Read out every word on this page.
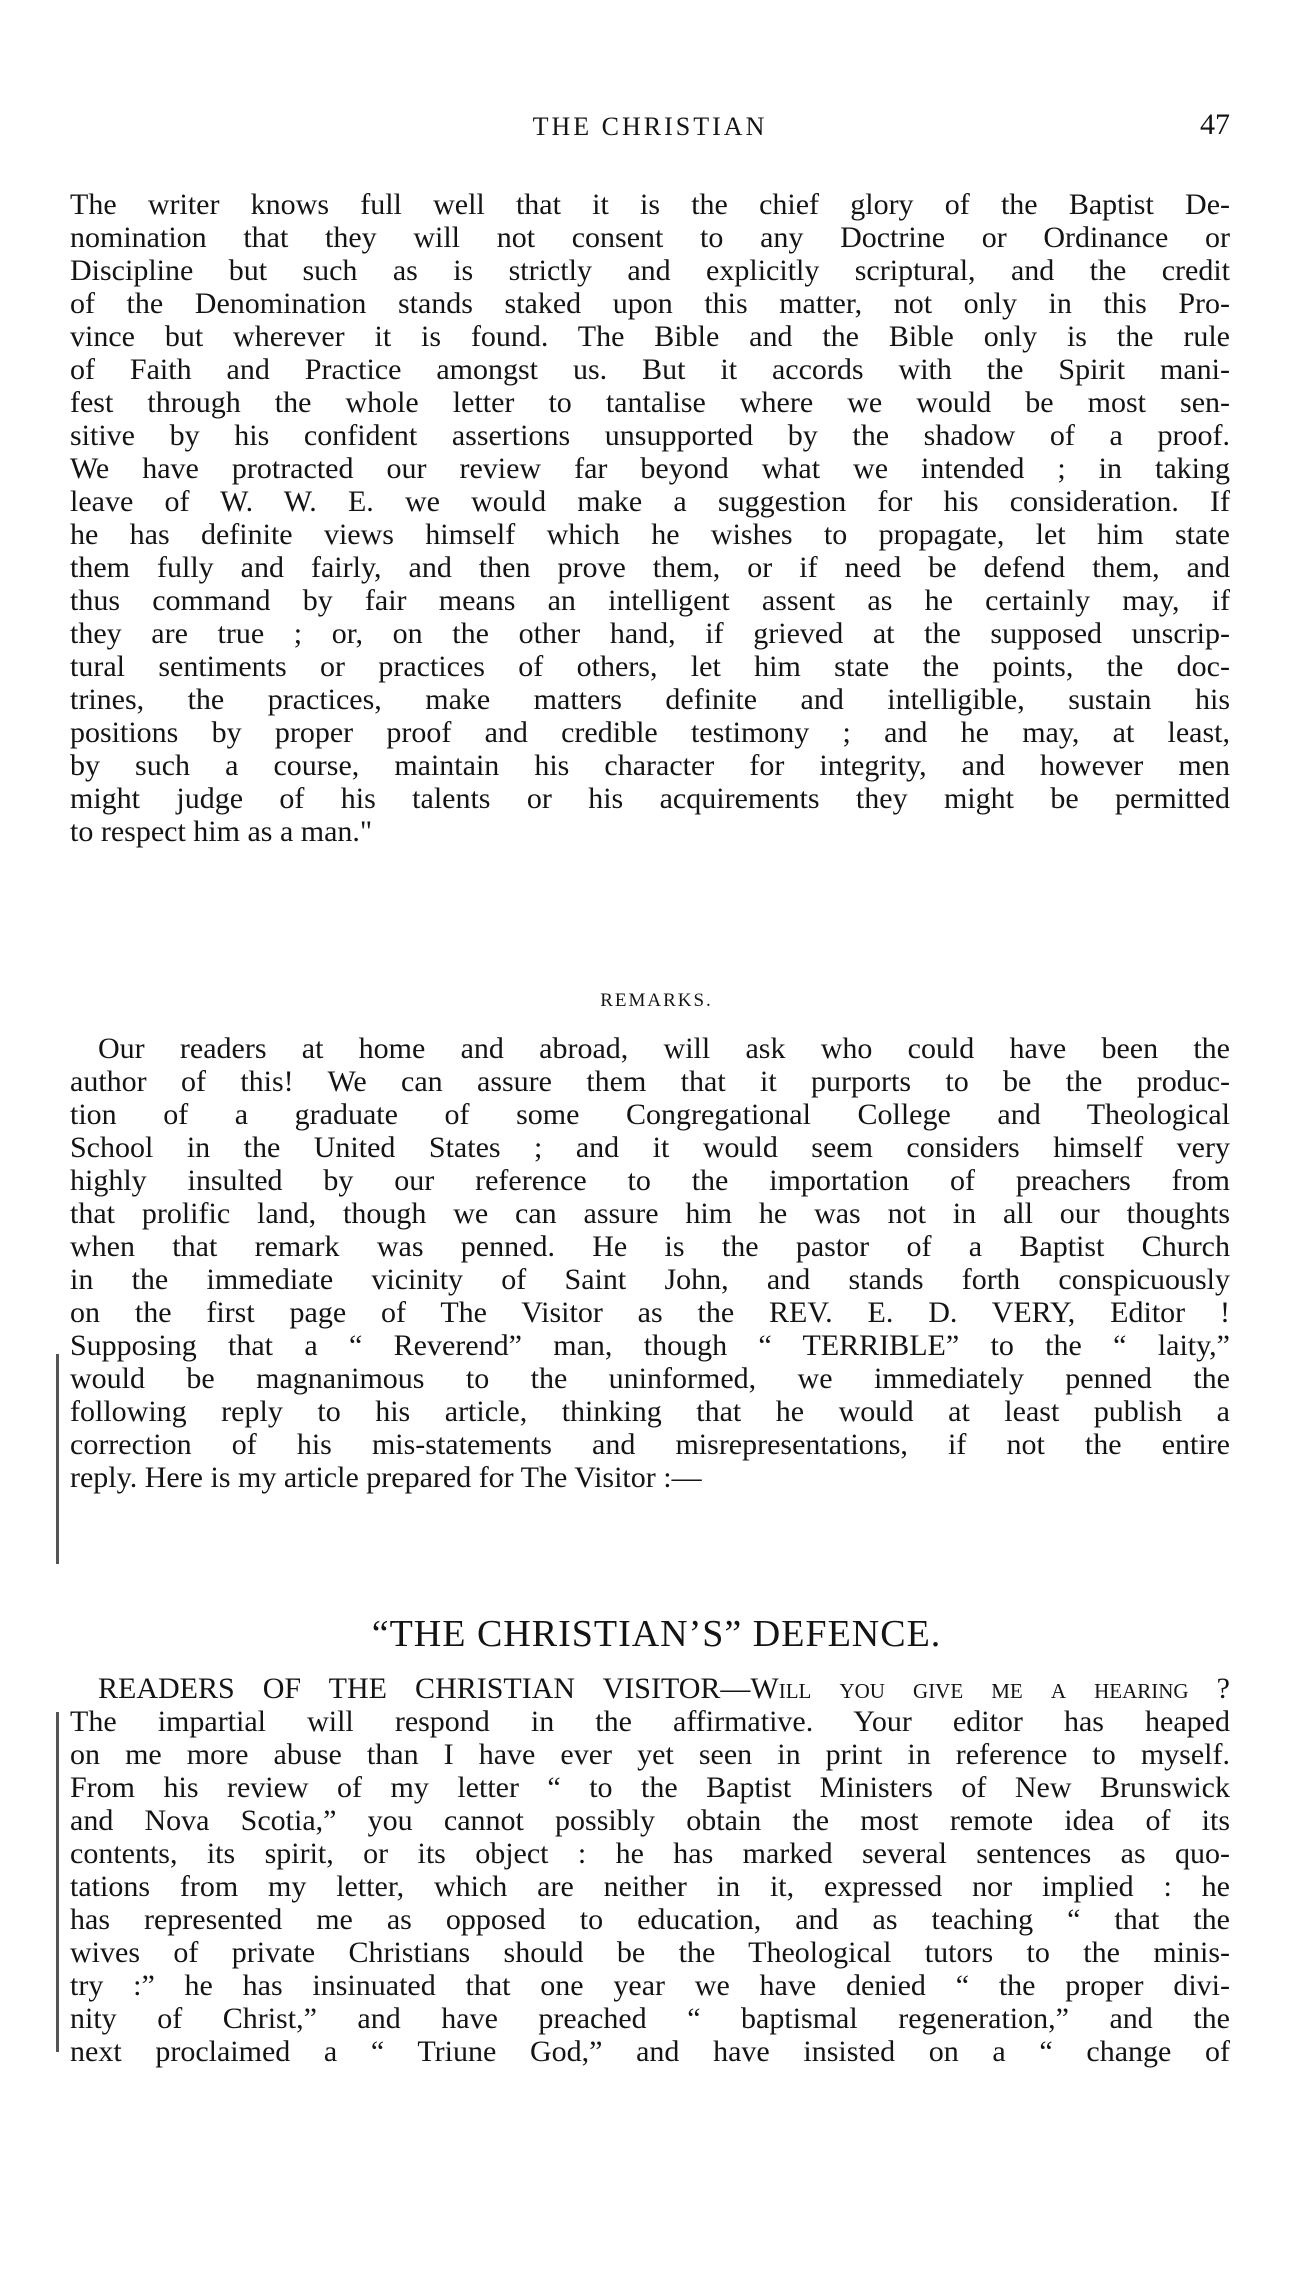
THE CHRISTIAN	47
The writer knows full well that it is the chief glory of the Baptist De-
nomination that they will not consent to any Doctrine or Ordinance or
Discipline but such as is strictly and explicitly scriptural, and the credit
of the Denomination stands staked upon this matter, not only in this Pro-
vince but wherever it is found. The Bible and the Bible only is the rule
of Faith and Practice amongst us. But it accords with the Spirit mani-
fest through the whole letter to tantalise where we would be most sen-
sitive by his confident assertions unsupported by the shadow of a proof.
We have protracted our review far beyond what we intended ; in taking
leave of W. W. E. we would make a suggestion for his consideration. If
he has definite views himself which he wishes to propagate, let him state
them fully and fairly, and then prove them, or if need be defend them, and
thus command by fair means an intelligent assent as he certainly may, if
they are true ; or, on the other hand, if grieved at the supposed unscrip-
tural sentiments or practices of others, let him state the points, the doc-
trines, the practices, make matters definite and intelligible, sustain his
positions by proper proof and credible testimony ; and he may, at least,
by such a course, maintain his character for integrity, and however men
might judge of his talents or his acquirements they might be permitted
to respect him as a man."
REMARKS.
Our readers at home and abroad, will ask who could have been the
author of this! We can assure them that it purports to be the produc-
tion of a graduate of some Congregational College and Theological
School in the United States ; and it would seem considers himself very
highly insulted by our reference to the importation of preachers from
that prolific land, though we can assure him he was not in all our thoughts
when that remark was penned. He is the pastor of a Baptist Church
in the immediate vicinity of Saint John, and stands forth conspicuously
on the first page of The Visitor as the REV. E. D. VERY, Editor !
Supposing that a “ Reverend” man, though “ TERRIBLE” to the “ laity,”
would be magnanimous to the uninformed, we immediately penned the
following reply to his article, thinking that he would at least publish a
correction of his mis-statements and misrepresentations, if not the entire
reply. Here is my article prepared for The Visitor :—
“THE CHRISTIAN’S” DEFENCE.
READERS OF THE CHRISTIAN VISITOR—Will you give me a hearing ?
The impartial will respond in the affirmative. Your editor has heaped
on me more abuse than I have ever yet seen in print in reference to myself.
From his review of my letter “ to the Baptist Ministers of New Brunswick
and Nova Scotia,” you cannot possibly obtain the most remote idea of its
contents, its spirit, or its object : he has marked several sentences as quo-
tations from my letter, which are neither in it, expressed nor implied : he
has represented me as opposed to education, and as teaching “ that the
wives of private Christians should be the Theological tutors to the minis-
try :” he has insinuated that one year we have denied “ the proper divi-
nity of Christ,” and have preached “ baptismal regeneration,” and the
next proclaimed a “ Triune God,” and have insisted on a “ change of
